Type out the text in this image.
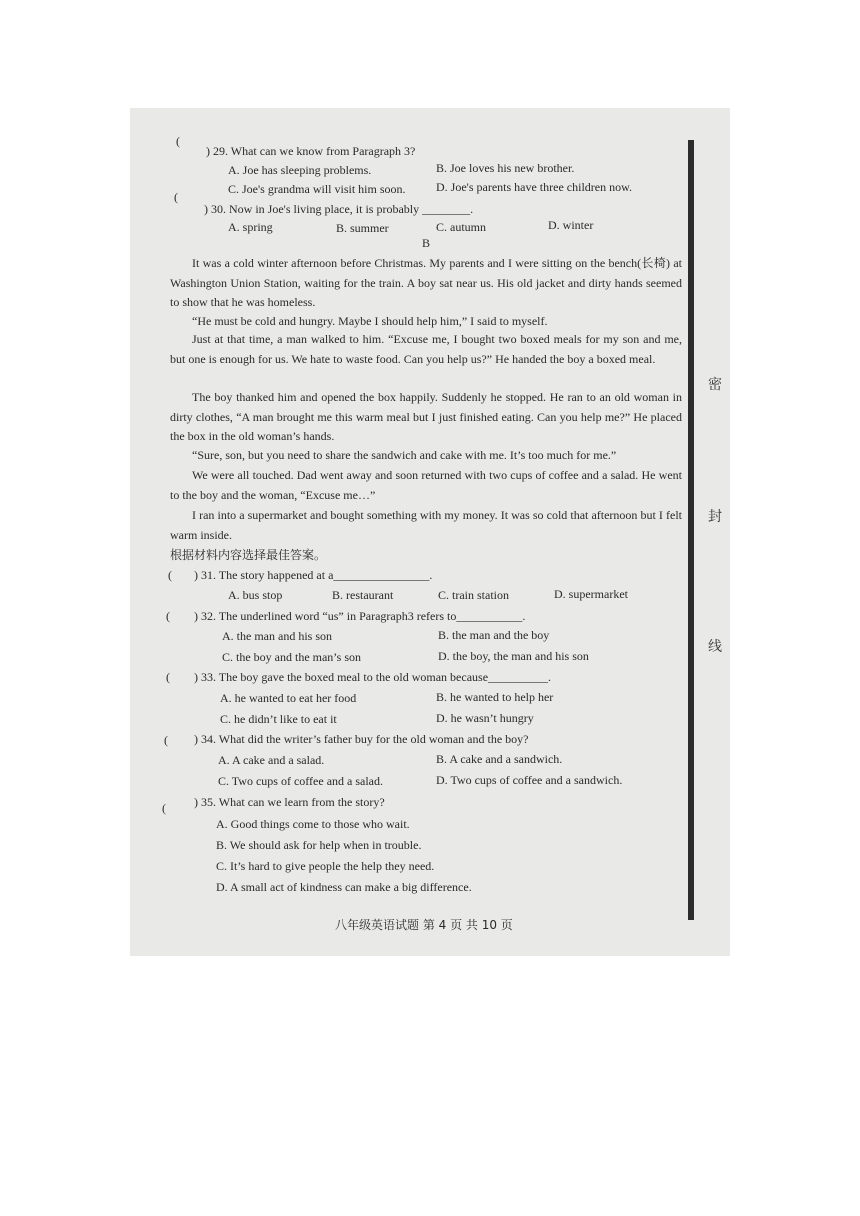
密
封
线
(
) 29. What can we know from Paragraph 3?
A. Joe has sleeping problems.	B. Joe loves his new brother.
C. Joe's grandma will visit him soon.	D. Joe's parents have three children now.
(
) 30. Now in Joe's living place, it is probably ________.
A. spring	B. summer	C. autumn	D. winter
B
It was a cold winter afternoon before Christmas. My parents and I were sitting on the bench(长椅) at Washington Union Station, waiting for the train. A boy sat near us. His old jacket and dirty hands seemed to show that he was homeless.
“He must be cold and hungry. Maybe I should help him,” I said to myself.
Just at that time, a man walked to him. “Excuse me, I bought two boxed meals for my son and me, but one is enough for us. We hate to waste food. Can you help us?” He handed the boy a boxed meal.
The boy thanked him and opened the box happily. Suddenly he stopped. He ran to an old woman in dirty clothes, “A man brought me this warm meal but I just finished eating. Can you help me?” He placed the box in the old woman’s hands.
“Sure, son, but you need to share the sandwich and cake with me. It’s too much for me.”
We were all touched. Dad went away and soon returned with two cups of coffee and a salad. He went to the boy and the woman, “Excuse me…”
I ran into a supermarket and bought something with my money. It was so cold that afternoon but I felt warm inside.
根据材料内容选择最佳答案。
( ) 31. The story happened at a________________.
A. bus stop	B. restaurant	C. train station	D. supermarket
( ) 32. The underlined word “us” in Paragraph3 refers to___________.
A. the man and his son	B. the man and the boy
C. the boy and the man’s son	D. the boy, the man and his son
( ) 33. The boy gave the boxed meal to the old woman because__________.
A. he wanted to eat her food	B. he wanted to help her
C. he didn’t like to eat it	D. he wasn’t hungry
( ) 34. What did the writer’s father buy for the old woman and the boy?
A. A cake and a salad.	B. A cake and a sandwich.
C. Two cups of coffee and a salad.	D. Two cups of coffee and a sandwich.
( ) 35. What can we learn from the story?
A. Good things come to those who wait.
B. We should ask for help when in trouble.
C. It’s hard to give people the help they need.
D. A small act of kindness can make a big difference.
八年级英语试题 第 4 页 共 10 页
